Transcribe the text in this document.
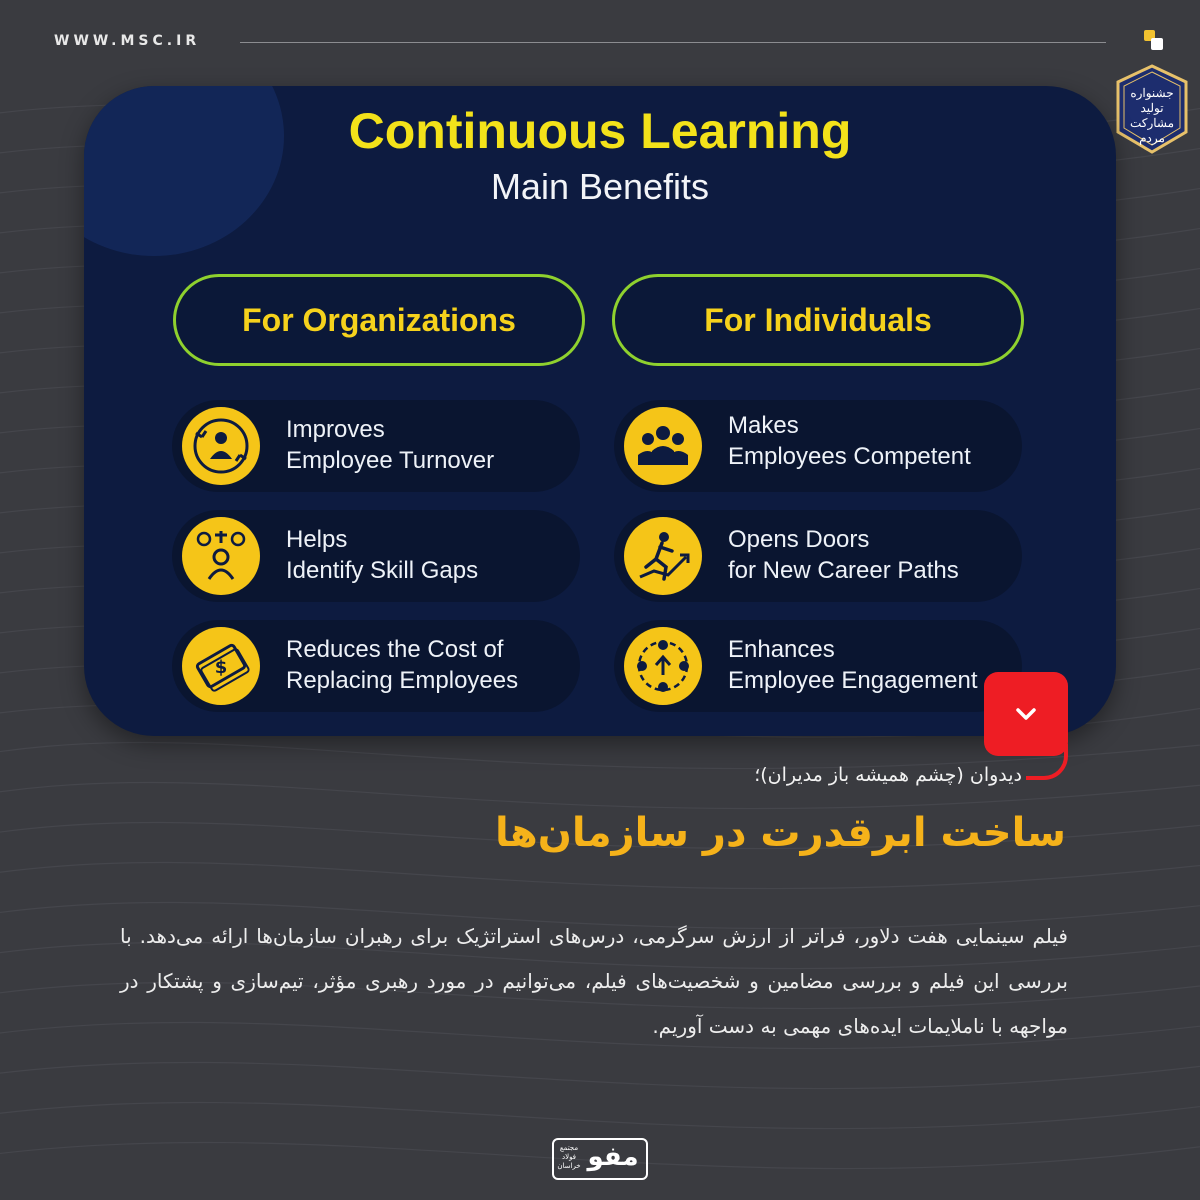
WWW.MSC.IR
جشنواره تولید مشارکت مردم
Continuous Learning
Main Benefits
For Organizations	For Individuals
Improves
Employee Turnover
Helps
Identify Skill Gaps
$
Reduces the Cost of
Replacing Employees
Makes
Employees Competent
Opens Doors
for New Career Paths
Enhances
Employee Engagement
دیدوان (چشم همیشه باز مدیران)؛
ساخت ابرقدرت در سازمان‌ها
فیلم سینمایی هفت دلاور، فراتر از ارزش سرگرمی، درس‌های استراتژیک برای رهبران سازمان‌ها ارائه می‌دهد. با بررسی این فیلم و بررسی مضامین و شخصیت‌های فیلم، می‌توانیم در مورد رهبری مؤثر، تیم‌سازی و پشتکار در مواجهه با ناملایمات ایده‌های مهمی به دست آوریم.
مجتمع فولاد خراسان مفو
